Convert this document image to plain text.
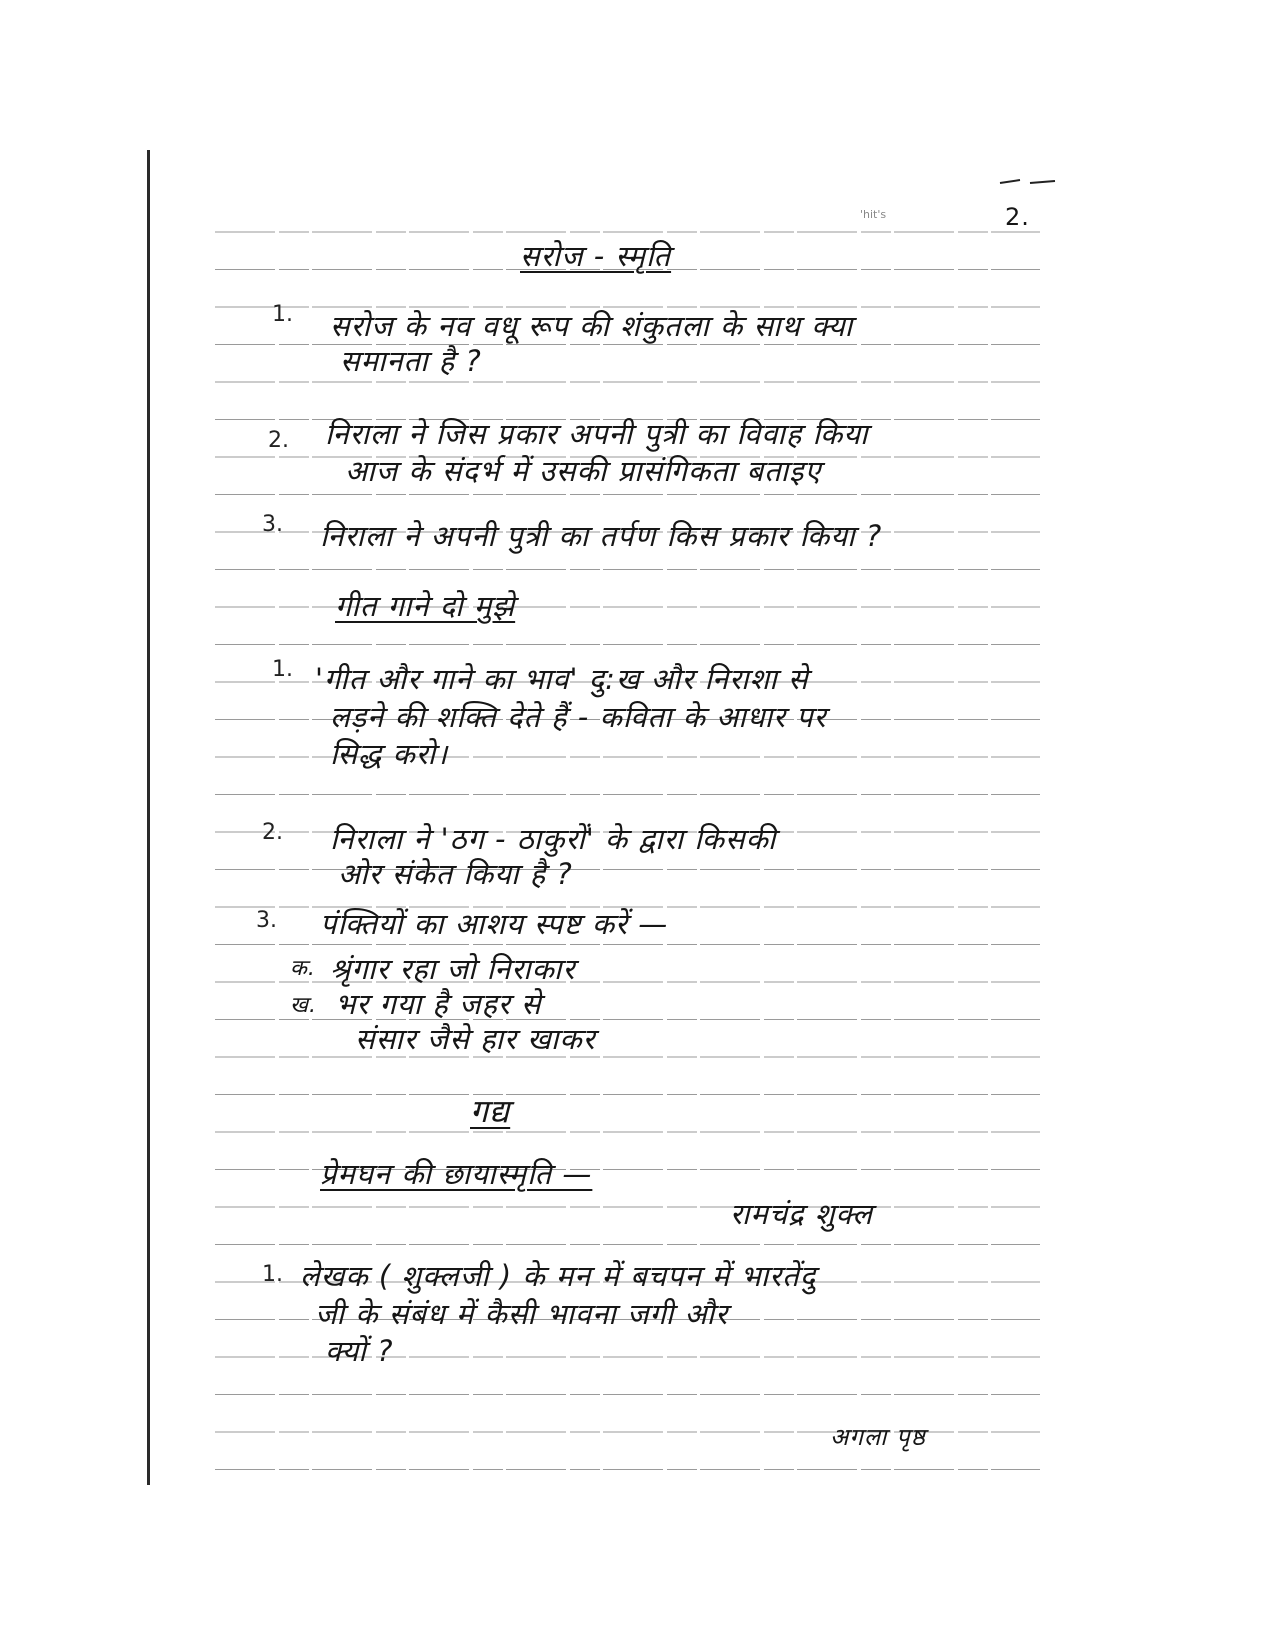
'hit's	2.
सरोज - स्मृति
1. सरोज के नव वधू रूप की शंकुतला के साथ क्या
समानता है ?
2. निराला ने जिस प्रकार अपनी पुत्री का विवाह किया
आज के संदर्भ में उसकी प्रासंगिकता बताइए
3. निराला ने अपनी पुत्री का तर्पण किस प्रकार किया ?
गीत गाने दो मुझे
1. 'गीत और गाने का भाव' दु:ख और निराशा से
लड़ने की शक्ति देते हैं - कविता के आधार पर
सिद्ध करो।
2. निराला ने 'ठग - ठाकुरों' के द्वारा किसकी
ओर संकेत किया है ?
3. पंक्तियों का आशय स्पष्ट करें —
क. श्रृंगार रहा जो निराकार
ख. भर गया है जहर से
संसार जैसे हार खाकर
गद्य
प्रेमघन की छायास्मृति —
रामचंद्र शुक्ल
1. लेखक ( शुक्लजी ) के मन में बचपन में भारतेंदु
जी के संबंध में कैसी भावना जगी और
क्यों ?
अगला पृष्ठ
